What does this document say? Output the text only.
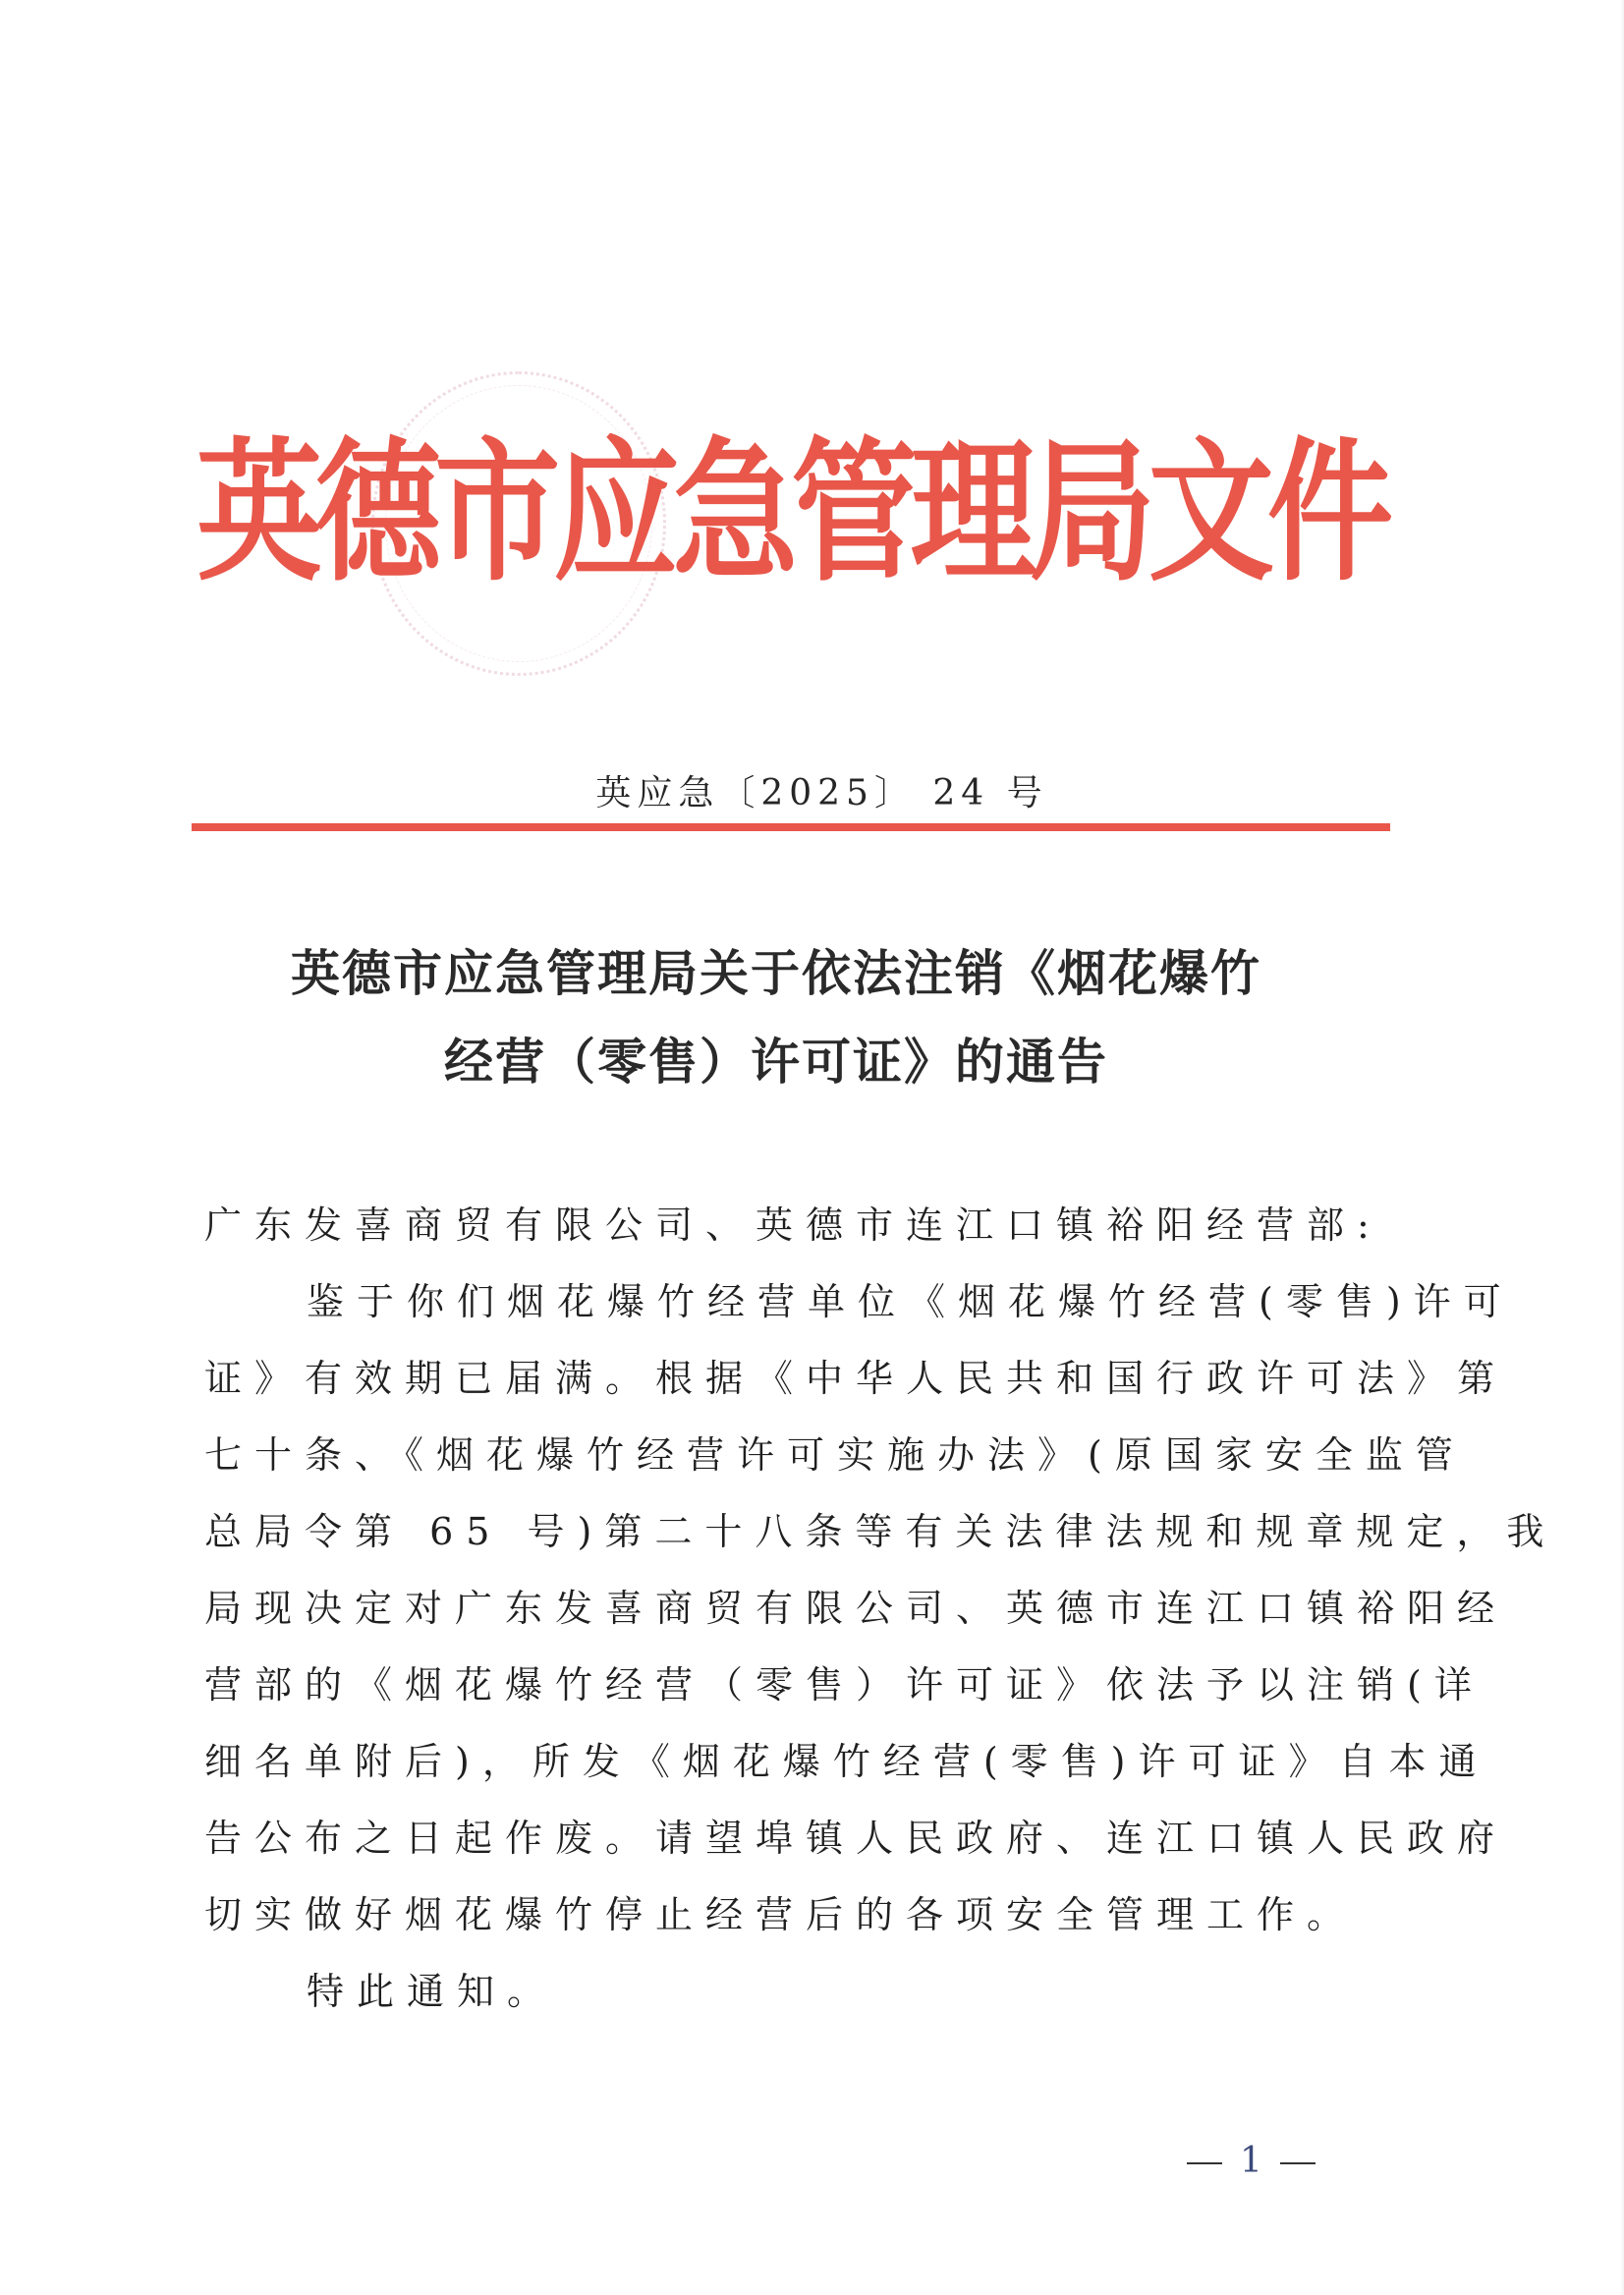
英
德
市
应
急
管
理
局
文
件
英应急〔2025〕 24 号
英德市应急管理局关于依法注销《烟花爆竹
经营（零售）许可证》的通告
广东发喜商贸有限公司、英德市连江口镇裕阳经营部:
鉴于你们烟花爆竹经营单位《烟花爆竹经营(零售)许可
证》有效期已届满。根据《中华人民共和国行政许可法》第
七十条、《烟花爆竹经营许可实施办法》(原国家安全监管
总局令第 65 号)第二十八条等有关法律法规和规章规定，我
局现决定对广东发喜商贸有限公司、英德市连江口镇裕阳经
营部的《烟花爆竹经营（零售）许可证》依法予以注销(详
细名单附后)，所发《烟花爆竹经营(零售)许可证》自本通
告公布之日起作废。请望埠镇人民政府、连江口镇人民政府
切实做好烟花爆竹停止经营后的各项安全管理工作。
特此通知。
1
